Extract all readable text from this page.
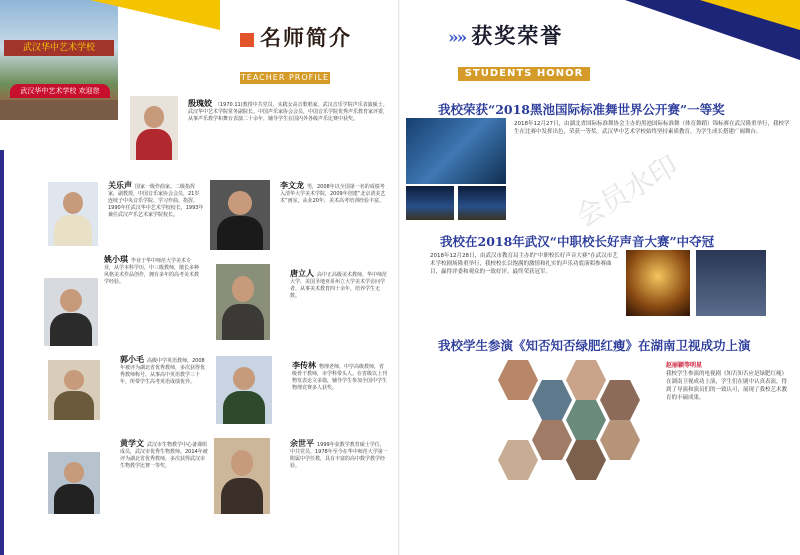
武汉华中艺术学校
武汉华中艺术学校 欢迎您
名师简介
TEACHER PROFILE
殷瑰姣 （1970.11)教授中共党员，实践女高音歌唱家。武汉音乐学院声乐表演硕士。武汉华中艺术学院常务副院长。中国声乐家协会会员，中国音乐学院优秀声乐教育家评委，从事声乐教学和舞台表演二十余年，辅导学生在国内外各级声乐比赛中获奖。
关乐声 国家一级作曲家。二级指挥家，副教授，中国音乐家协会会员，21岁连续子中央音乐学院、学习作曲、指挥。1990年任武汉华中艺术学校校长，1993年兼任武汉声乐艺术家学院校长。
李文龙 男，2008年以全国第一名的成绩考入清华大学美术学院，2009年创建“北京清美艺术”画室。从业20年，美术高考培训经验丰富。
姚小琪 毕业于华中师范大学美术专业，从学本科学历，中三级教师，擅长多种风格美术作品创作，拥有多年的高考美术教学经验。
唐立人 高中正高级美术教师，华中师范大学、美国圣地亚哥州立大学美术学访问学者。从事美术教育四十余年，培养学生无数。
郭小毛 高级中学英语教师，2008年被评为湖北省优秀教师，多次获得优秀教师称号。从事高中英语教学三十年，所带学生高考英语成绩优异。
李传林 物理老师，中学高级教师，省级骨干教师，市学科带头人。在省级以上刊物发表论文多篇，辅导学生参加全国中学生物理竞赛多人获奖。
黄学文 武汉市生物教学中心备课组成员，武汉市优秀生物教师。2014年被评为湖北省优秀教师，多次获得武汉市生物教学比赛一等奖。
余世平 1999年获数学教育硕士学位，中共党员，1978年至今在华中师范大学第一附属中学任教，具有丰富的高中数学教学经验。
»» 获奖荣誉
STUDENTS HONOR
我校荣获“2018黑池国际标准舞世界公开赛”一等奖
2018年12月27日，由湖北省国际标准舞协会主办的黑池国际标准舞（体育舞蹈）锦标赛在武汉隆重举行，我校学生在比赛中发挥出色，荣获一等奖。武汉华中艺术学校始终坚持素质教育，为学生成长搭建广阔舞台。
我校在2018年武汉“中职校长好声音大赛”中夺冠
2018年12月28日，由武汉市教育局主办的“中职校长好声音大赛”在武汉市艺术学校剧场隆重举行，我校校长以饱满的激情和扎实的声乐功底演唱参赛曲目，赢得评委和观众的一致好评，最终荣获冠军。
我校学生参演《知否知否绿肥红瘦》在湖南卫视成功上演
赵丽颖等明星
我校学生参演的电视剧《知否知否应是绿肥红瘦》在湖南卫视成功上演，学生们在剧中认真表演，得到了导演和演员们的一致认可，展现了我校艺术教育的丰硕成果。
会员水印
